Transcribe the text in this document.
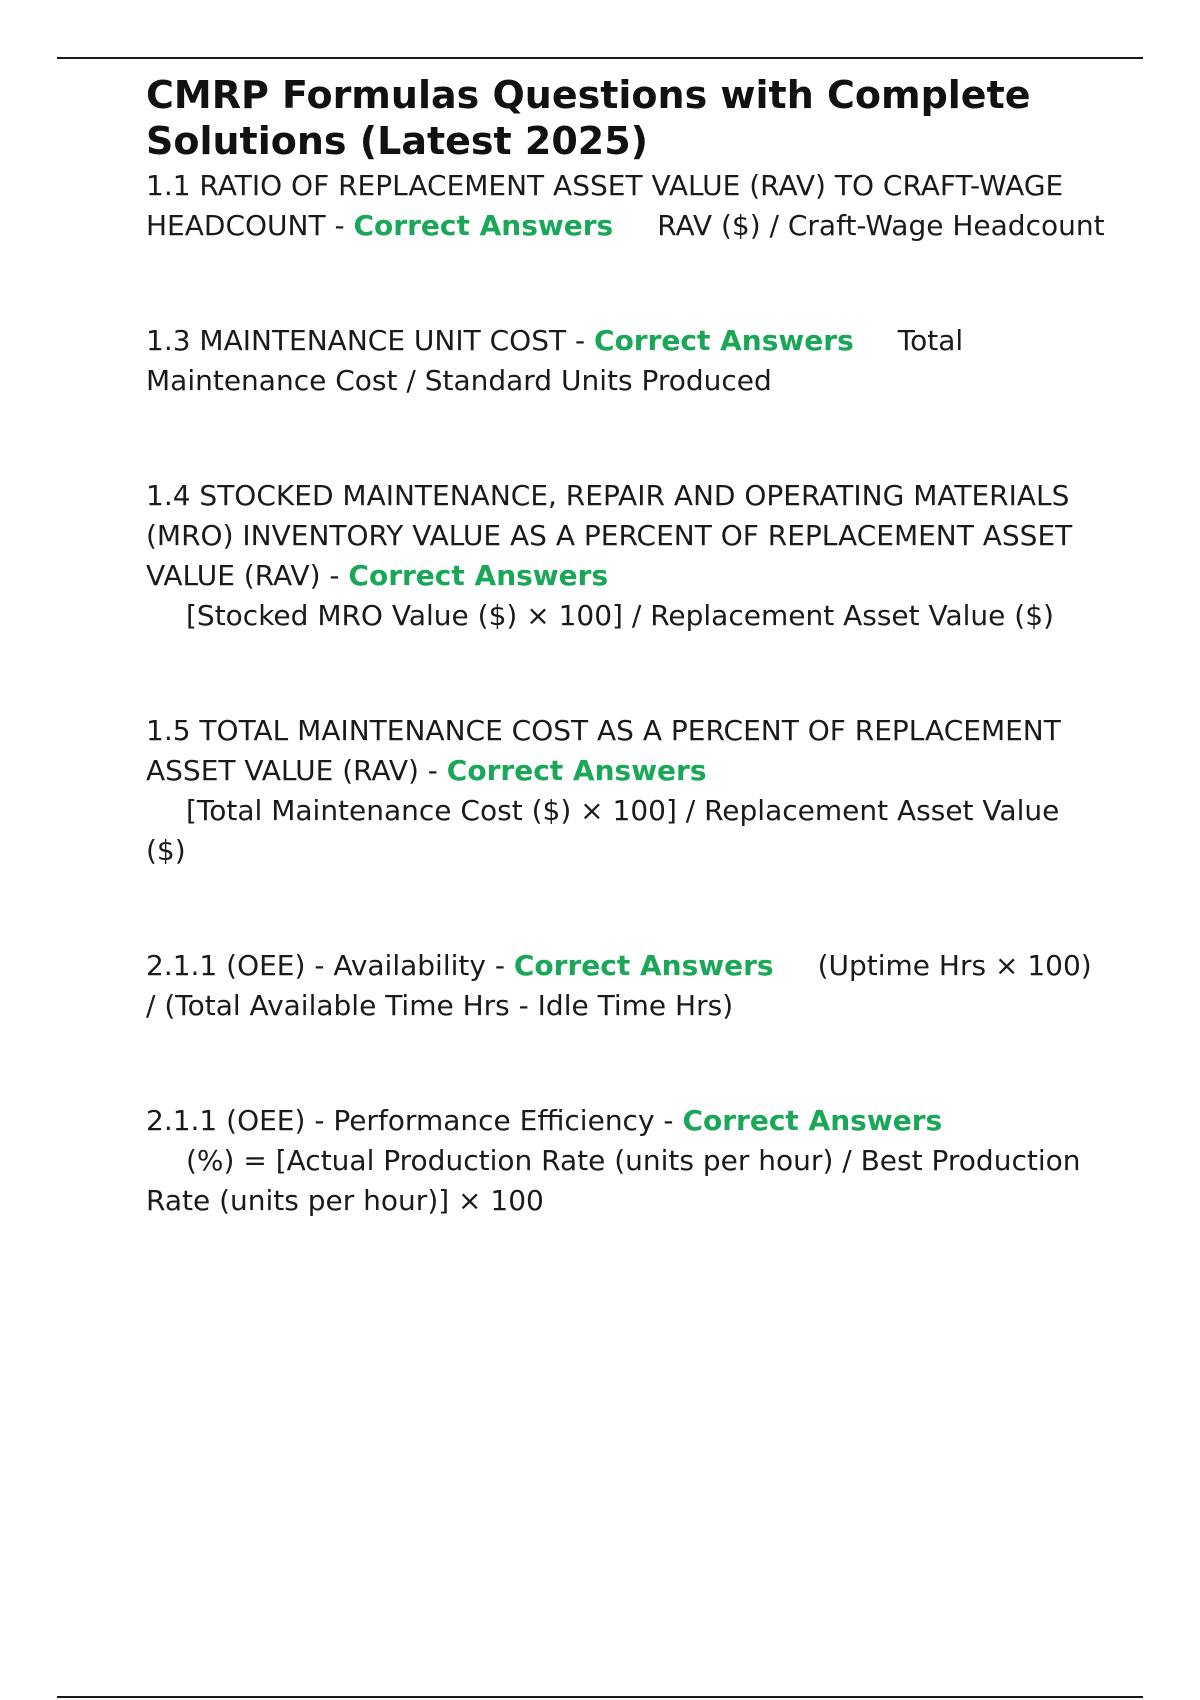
CMRP Formulas Questions with Complete Solutions (Latest 2025)

1.1 RATIO OF REPLACEMENT ASSET VALUE (RAV) TO CRAFT-WAGE HEADCOUNT - Correct Answers RAV ($) / Craft-Wage Headcount

1.3 MAINTENANCE UNIT COST - Correct Answers Total Maintenance Cost / Standard Units Produced

1.4 STOCKED MAINTENANCE, REPAIR AND OPERATING MATERIALS (MRO) INVENTORY VALUE AS A PERCENT OF REPLACEMENT ASSET VALUE (RAV) - Correct Answers
[Stocked MRO Value ($) × 100] / Replacement Asset Value ($)

1.5 TOTAL MAINTENANCE COST AS A PERCENT OF REPLACEMENT ASSET VALUE (RAV) - Correct Answers
[Total Maintenance Cost ($) × 100] / Replacement Asset Value ($)

2.1.1 (OEE) - Availability - Correct Answers (Uptime Hrs × 100) / (Total Available Time Hrs - Idle Time Hrs)

2.1.1 (OEE) - Performance Efficiency - Correct Answers
(%) = [Actual Production Rate (units per hour) / Best Production Rate (units per hour)] × 100
